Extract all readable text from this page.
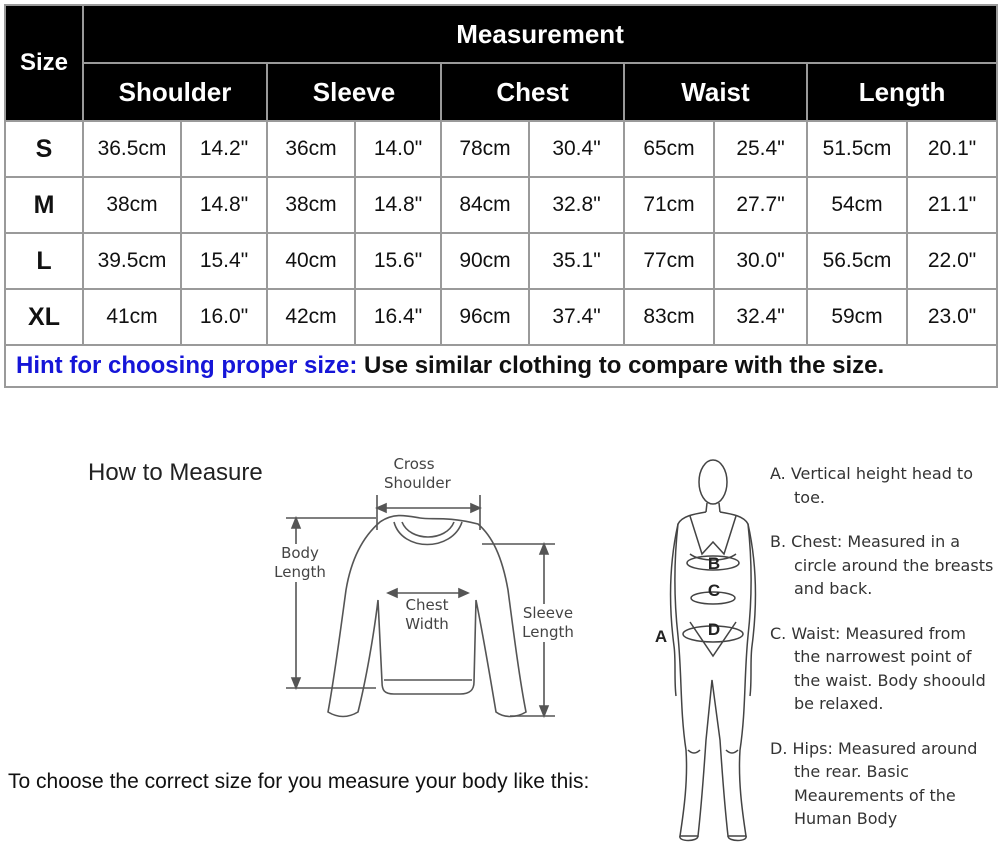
Size	Measurement									
	Shoulder		Sleeve		Chest		Waist		Length	
S	36.5cm	14.2"	36cm	14.0"	78cm	30.4"	65cm	25.4"	51.5cm	20.1"
M	38cm	14.8"	38cm	14.8"	84cm	32.8"	71cm	27.7"	54cm	21.1"
L	39.5cm	15.4"	40cm	15.6"	90cm	35.1"	77cm	30.0"	56.5cm	22.0"
XL	41cm	16.0"	42cm	16.4"	96cm	37.4"	83cm	32.4"	59cm	23.0"
Hint for choosing proper size: Use similar clothing to compare with the size.										
How to Measure	Cross
Shoulder
Body
Length
Chest
Width
Sleeve
Length	A
B
C
D
A. Vertical height head to toe.
B. Chest: Measured in a circle around the breasts and back.
C. Waist: Measured from the narrowest point of the waist. Body shoould be relaxed.
D. Hips: Measured around the rear. Basic Meaurements of the Human Body
To choose the correct size for you measure your body like this:
